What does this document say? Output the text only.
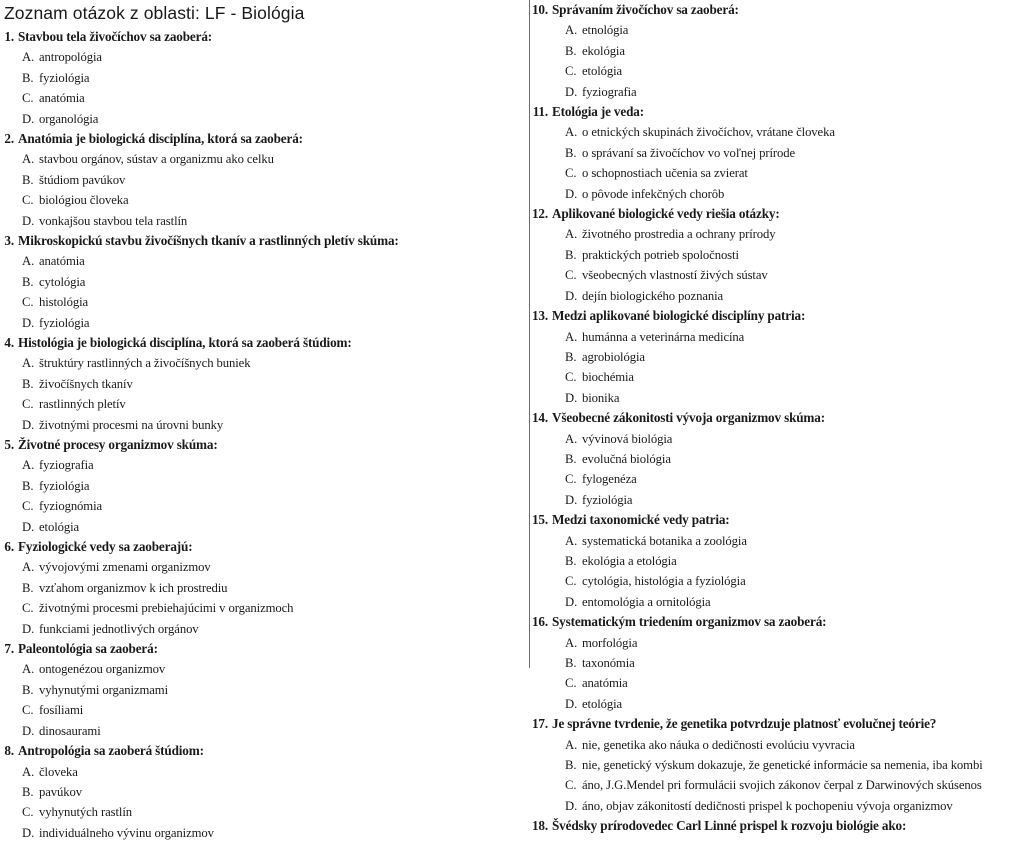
Zoznam otázok z oblasti: LF - Biológia
1. Stavbou tela živočíchov sa zaoberá:
A. antropológia
B. fyziológia
C. anatómia
D. organológia
2. Anatómia je biologická disciplína, ktorá sa zaoberá:
A. stavbou orgánov, sústav a organizmu ako celku
B. štúdiom pavúkov
C. biológiou človeka
D. vonkajšou stavbou tela rastlín
3. Mikroskopickú stavbu živočíšnych tkanív a rastlinných pletív skúma:
A. anatómia
B. cytológia
C. histológia
D. fyziológia
4. Histológia je biologická disciplína, ktorá sa zaoberá štúdiom:
A. štruktúry rastlinných a živočíšnych buniek
B. živočíšnych tkanív
C. rastlinných pletív
D. životnými procesmi na úrovni bunky
5. Životné procesy organizmov skúma:
A. fyziografia
B. fyziológia
C. fyziognómia
D. etológia
6. Fyziologické vedy sa zaoberajú:
A. vývojovými zmenami organizmov
B. vzťahom organizmov k ich prostrediu
C. životnými procesmi prebiehajúcimi v organizmoch
D. funkciami jednotlivých orgánov
7. Paleontológia sa zaoberá:
A. ontogenézou organizmov
B. vyhynutými organizmami
C. fosíliami
D. dinosaurami
8. Antropológia sa zaoberá štúdiom:
A. človeka
B. pavúkov
C. vyhynutých rastlín
D. individuálneho vývinu organizmov
10. Správaním živočíchov sa zaoberá:
A. etnológia
B. ekológia
C. etológia
D. fyziografia
11. Etológia je veda:
A. o etnických skupinách živočíchov, vrátane človeka
B. o správaní sa živočíchov vo voľnej prírode
C. o schopnostiach učenia sa zvierat
D. o pôvode infekčných chorôb
12. Aplikované biologické vedy riešia otázky:
A. životného prostredia a ochrany prírody
B. praktických potrieb spoločnosti
C. všeobecných vlastností živých sústav
D. dejín biologického poznania
13. Medzi aplikované biologické disciplíny patria:
A. humánna a veterinárna medicína
B. agrobiológia
C. biochémia
D. bionika
14. Všeobecné zákonitosti vývoja organizmov skúma:
A. vývinová biológia
B. evolučná biológia
C. fylogenéza
D. fyziológia
15. Medzi taxonomické vedy patria:
A. systematická botanika a zoológia
B. ekológia a etológia
C. cytológia, histológia a fyziológia
D. entomológia a ornitológia
16. Systematickým triedením organizmov sa zaoberá:
A. morfológia
B. taxonómia
C. anatómia
D. etológia
17. Je správne tvrdenie, že genetika potvrdzuje platnosť evolučnej teórie?
A. nie, genetika ako náuka o dedičnosti evolúciu vyvracia
B. nie, genetický výskum dokazuje, že genetické informácie sa nemenia, iba kombi
C. áno, J.G.Mendel pri formulácii svojich zákonov čerpal z Darwinových skúsenos
D. áno, objav zákonitostí dedičnosti prispel k pochopeniu vývoja organizmov
18. Švédsky prírodovedec Carl Linné prispel k rozvoju biológie ako:
